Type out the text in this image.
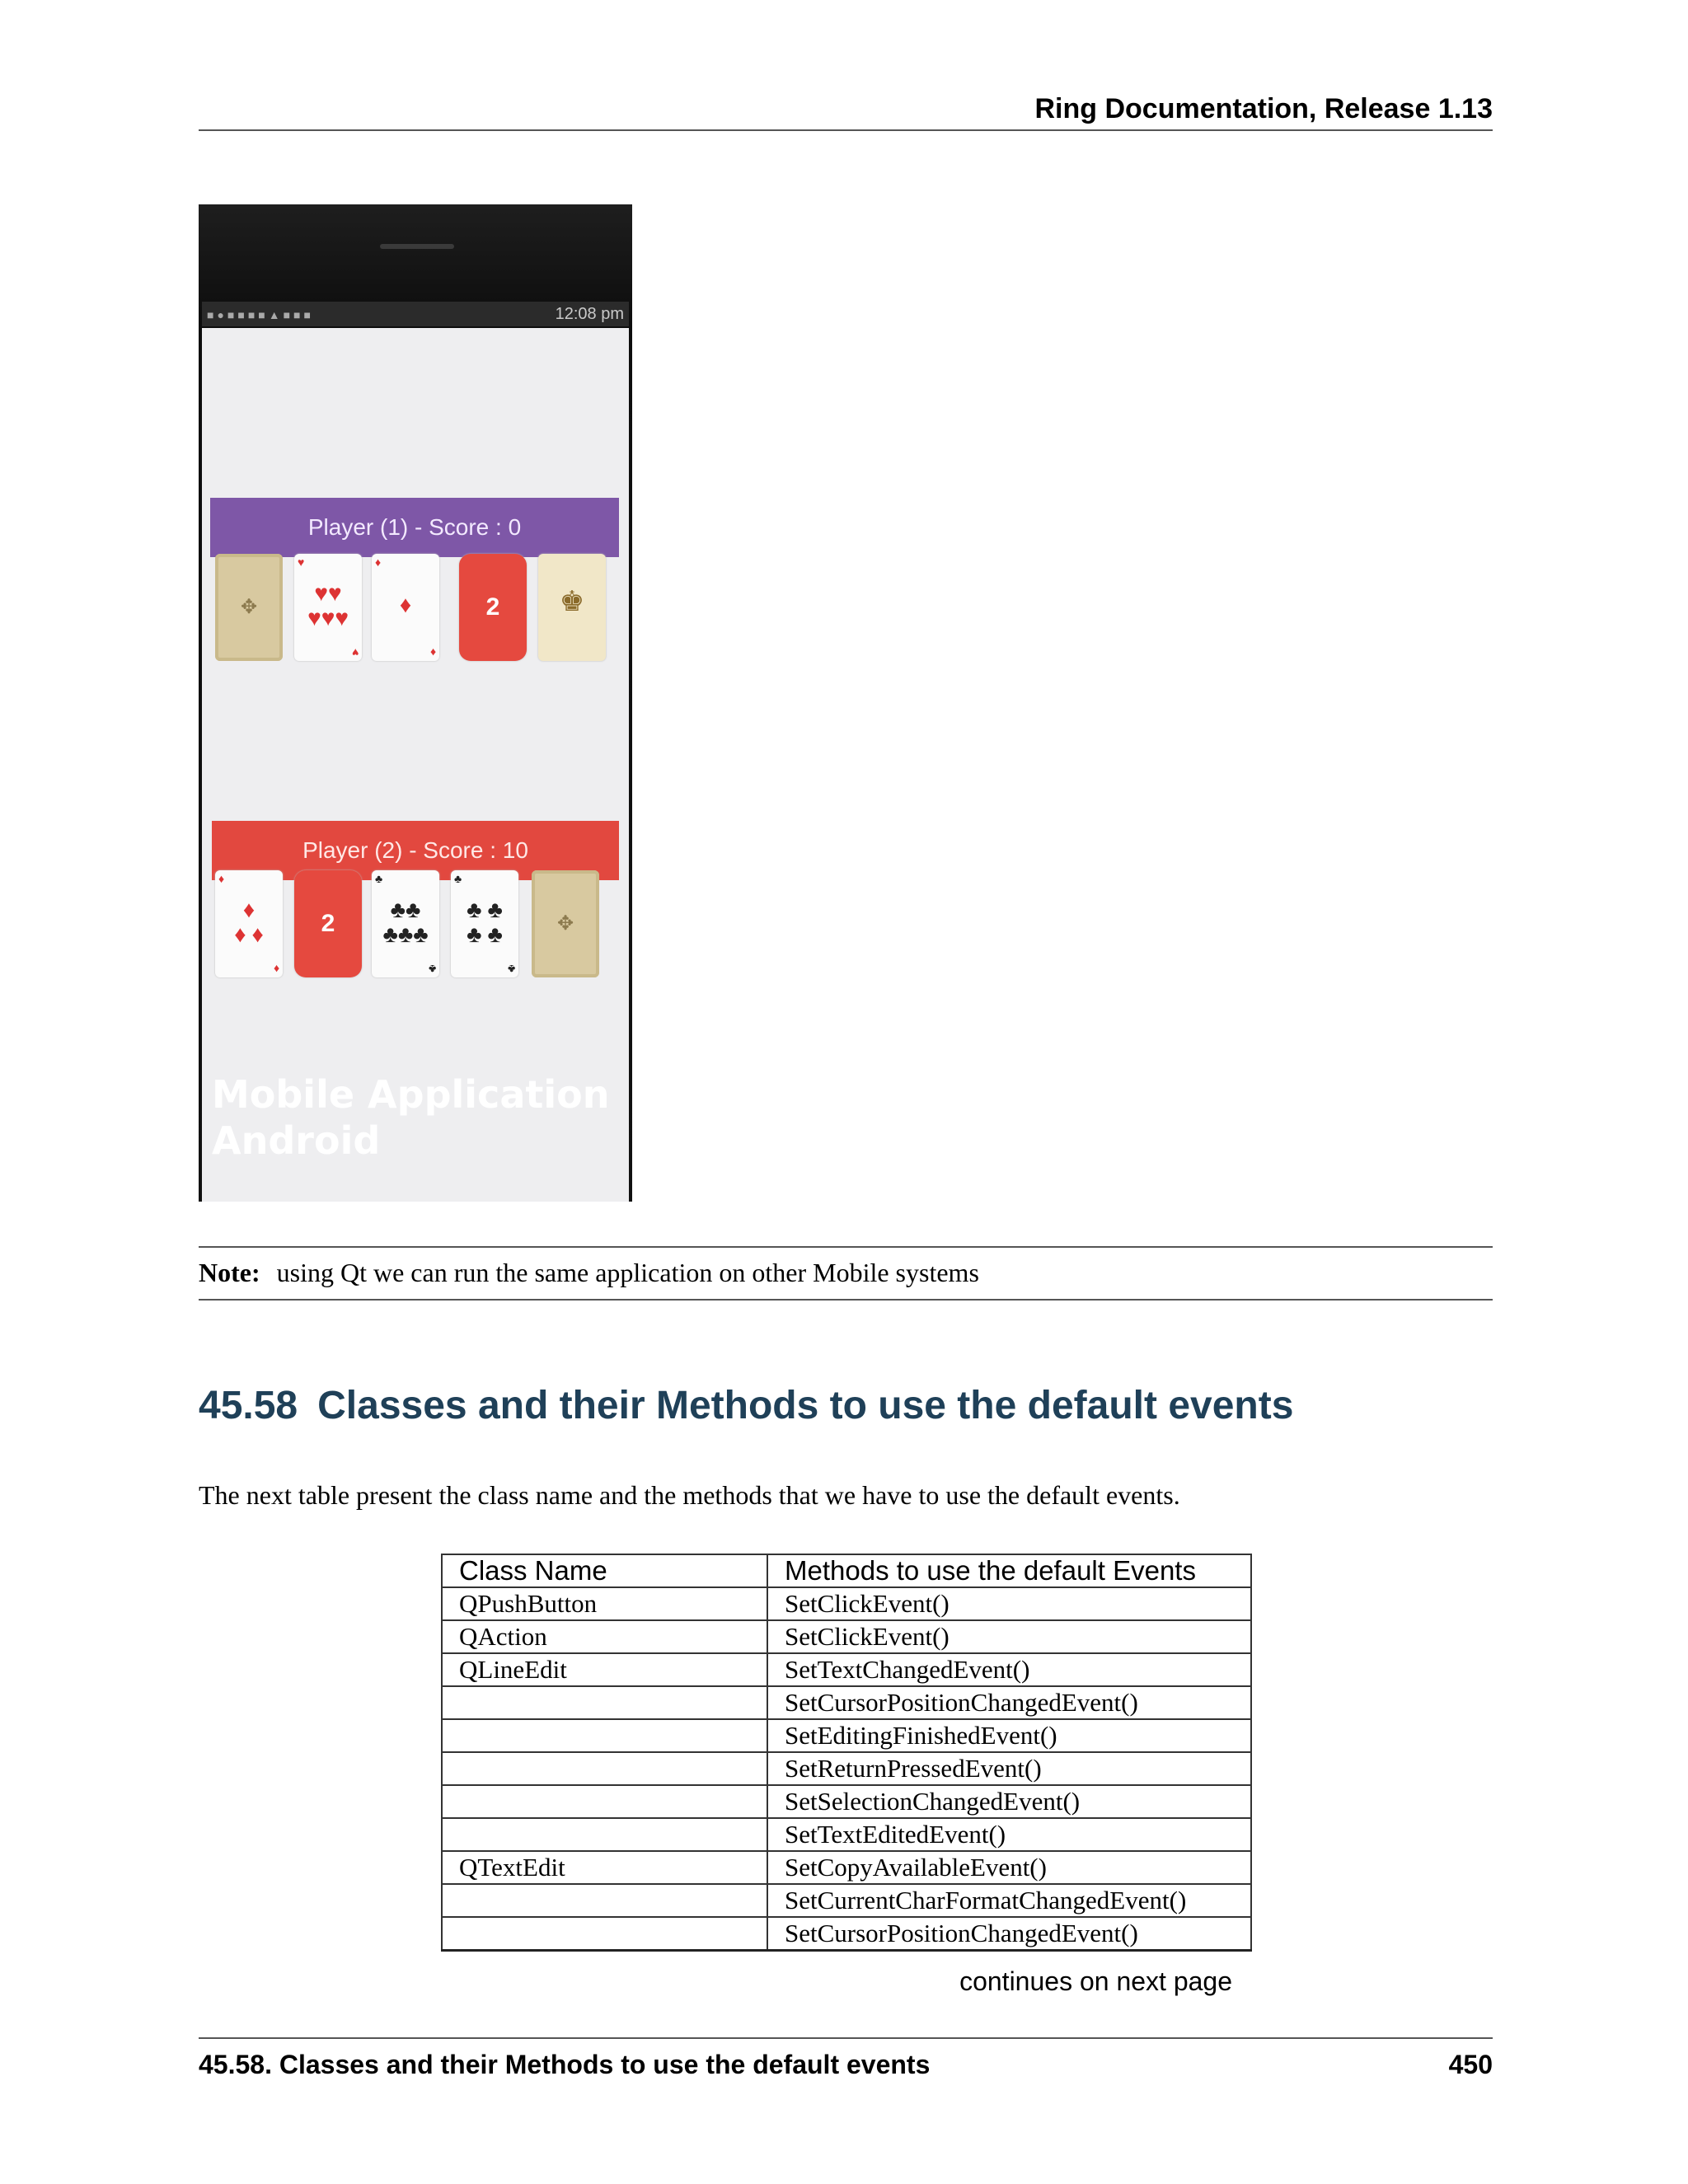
Ring Documentation, Release 1.13
■●■■■■▲■■■	12:08 pm
Player (1) - Score : 0
✥
♥
♥♥
♥♥♥
♥
♦
♦
♦
2	♚
Player (2) - Score : 10
♦
♦
♦ ♦
♦
2
♣
♣♣
♣♣♣
♣
♣
♣ ♣
♣ ♣
♣
✥
Mobile Application
Android
Note: using Qt we can run the same application on other Mobile systems
45.58 Classes and their Methods to use the default events
The next table present the class name and the methods that we have to use the default events.
Class Name	Methods to use the default Events
QPushButton	SetClickEvent()
QAction	SetClickEvent()
QLineEdit	SetTextChangedEvent()
	SetCursorPositionChangedEvent()
	SetEditingFinishedEvent()
	SetReturnPressedEvent()
	SetSelectionChangedEvent()
	SetTextEditedEvent()
QTextEdit	SetCopyAvailableEvent()
	SetCurrentCharFormatChangedEvent()
	SetCursorPositionChangedEvent()
continues on next page
45.58. Classes and their Methods to use the default events	450
